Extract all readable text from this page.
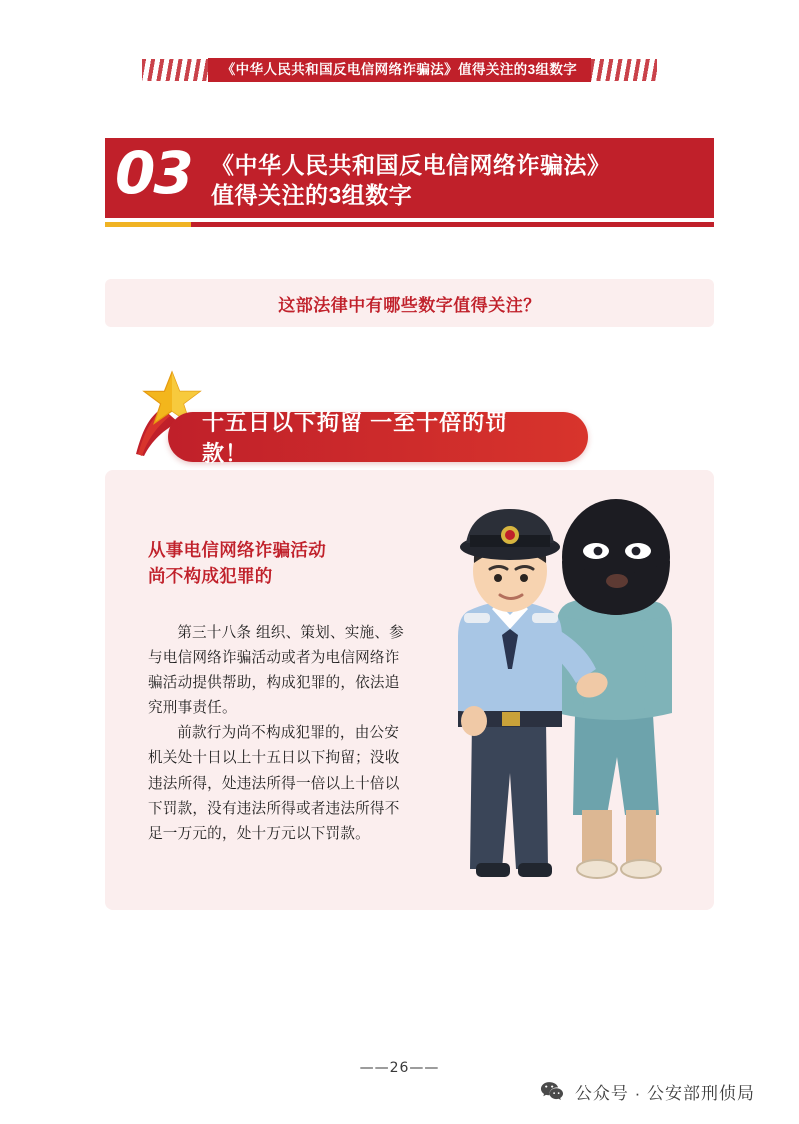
《中华人民共和国反电信网络诈骗法》值得关注的3组数字
03 《中华人民共和国反电信网络诈骗法》
值得关注的3组数字
这部法律中有哪些数字值得关注？
十五日以下拘留 一至十倍的罚款！
从事电信网络诈骗活动
尚不构成犯罪的

第三十八条 组织、策划、实施、参与电信网络诈骗活动或者为电信网络诈骗活动提供帮助，构成犯罪的，依法追究刑事责任。

前款行为尚不构成犯罪的，由公安机关处十日以上十五日以下拘留；没收违法所得，处违法所得一倍以上十倍以下罚款，没有违法所得或者违法所得不足一万元的，处十万元以下罚款。

——26——
公众号 · 公安部刑侦局
